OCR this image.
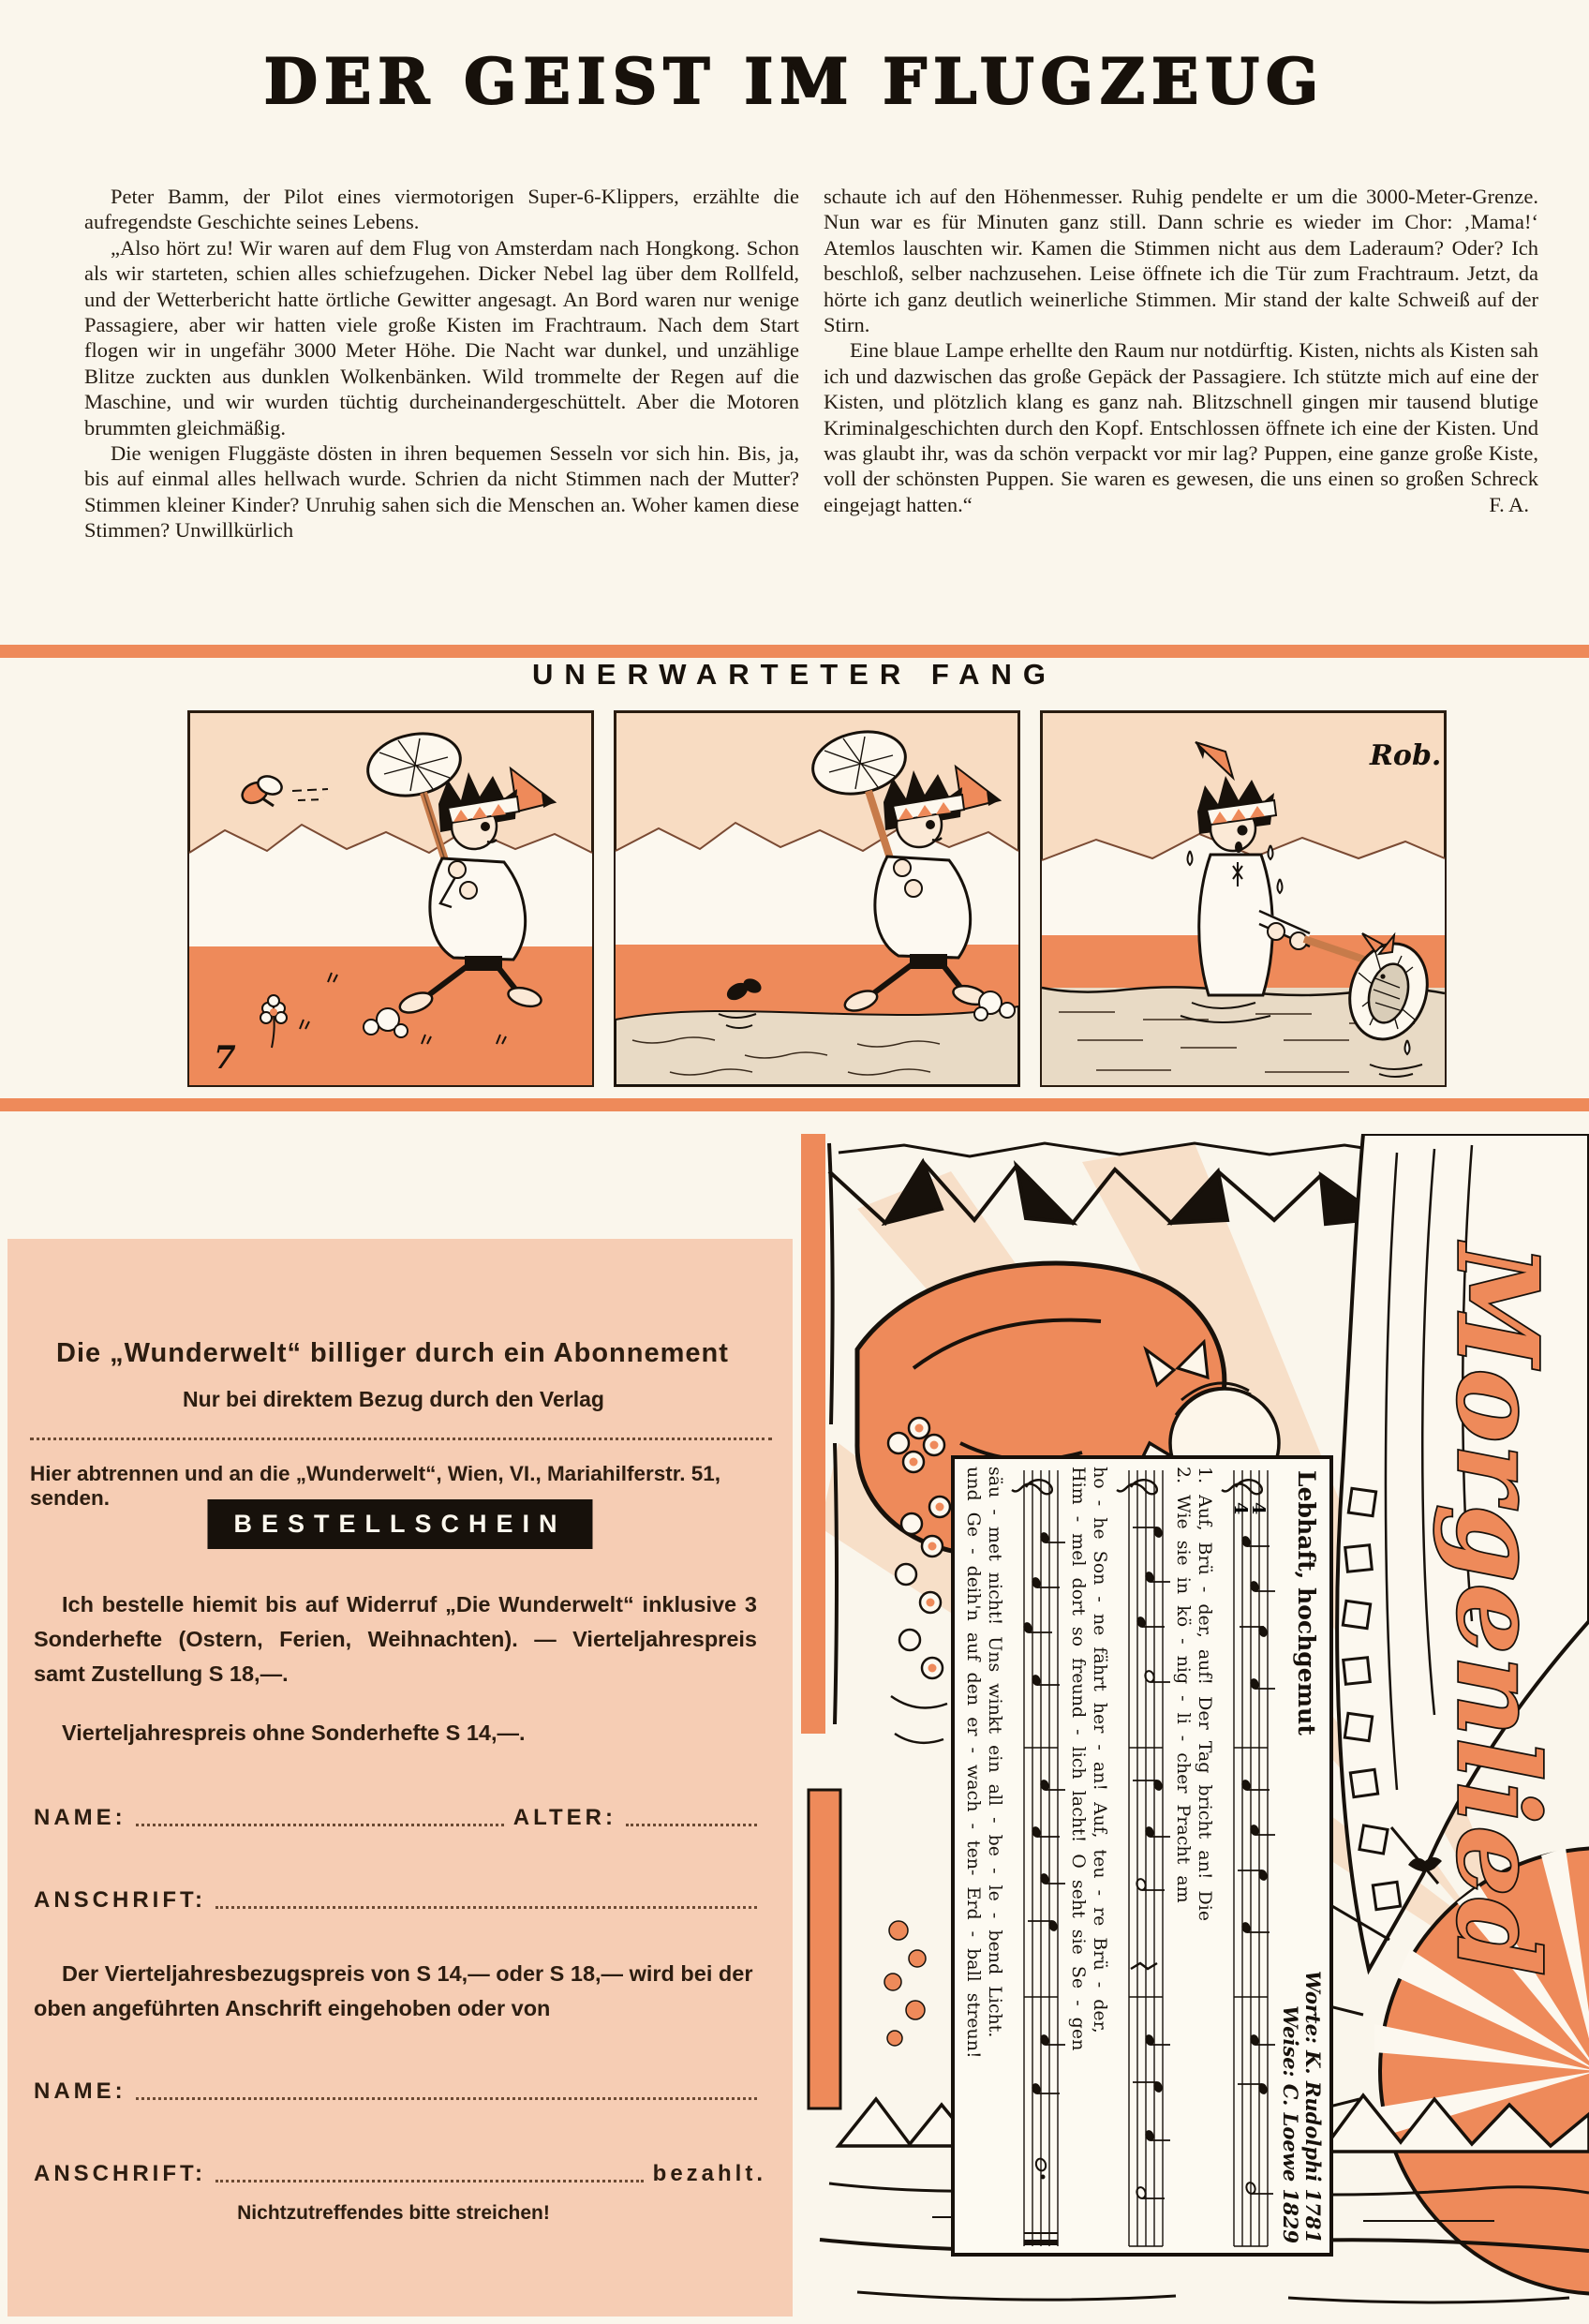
DER GEIST IM FLUGZEUG

Peter Bamm, der Pilot eines viermotorigen Super-6-Klippers, erzählte die aufregendste Geschichte seines Lebens.

„Also hört zu! Wir waren auf dem Flug von Amsterdam nach Hongkong. Schon als wir starteten, schien alles schiefzugehen. Dicker Nebel lag über dem Rollfeld, und der Wetterbericht hatte örtliche Gewitter angesagt. An Bord waren nur wenige Passagiere, aber wir hatten viele große Kisten im Frachtraum. Nach dem Start flogen wir in ungefähr 3000 Meter Höhe. Die Nacht war dunkel, und unzählige Blitze zuckten aus dunklen Wolkenbänken. Wild trommelte der Regen auf die Maschine, und wir wurden tüchtig durcheinandergeschüttelt. Aber die Motoren brummten gleichmäßig.

Die wenigen Fluggäste dösten in ihren bequemen Sesseln vor sich hin. Bis, ja, bis auf einmal alles hellwach wurde. Schrien da nicht Stimmen nach der Mutter? Stimmen kleiner Kinder? Unruhig sahen sich die Menschen an. Woher kamen diese Stimmen? Unwillkürlich

schaute ich auf den Höhenmesser. Ruhig pendelte er um die 3000-Meter-Grenze. Nun war es für Minuten ganz still. Dann schrie es wieder im Chor: ‚Mama!‘ Atemlos lauschten wir. Kamen die Stimmen nicht aus dem Laderaum? Oder? Ich beschloß, selber nachzusehen. Leise öffnete ich die Tür zum Frachtraum. Jetzt, da hörte ich ganz deutlich weinerliche Stimmen. Mir stand der kalte Schweiß auf der Stirn.

Eine blaue Lampe erhellte den Raum nur notdürftig. Kisten, nichts als Kisten sah ich und dazwischen das große Gepäck der Passagiere. Ich stützte mich auf eine der Kisten, und plötzlich klang es ganz nah. Blitzschnell gingen mir tausend blutige Kriminalgeschichten durch den Kopf. Entschlossen öffnete ich eine der Kisten. Und was glaubt ihr, was da schön verpackt vor mir lag? Puppen, eine ganze große Kiste, voll der schönsten Puppen. Sie waren es gewesen, die uns einen so großen Schreck eingejagt hatten.“	F. A.
UNERWARTETER FANG
7
Rob.
Die „Wunderwelt“ billiger durch ein Abonnement
Nur bei direktem Bezug durch den Verlag
Hier abtrennen und an die „Wunderwelt“, Wien, VI., Mariahilferstr. 51, senden.
BESTELLSCHEIN
Ich bestelle hiemit bis auf Widerruf „Die Wunderwelt“ inklusive 3 Sonderhefte (Ostern, Ferien, Weihnachten). — Vierteljahrespreis samt Zustellung S 18,—.
Vierteljahrespreis ohne Sonderhefte S 14,—.
NAME:	ALTER:
ANSCHRIFT:
Der Vierteljahresbezugspreis von S 14,— oder S 18,— wird bei der oben angeführten Anschrift eingehoben oder von
NAME:
ANSCHRIFT:	bezahlt.
Nichtzutreffendes bitte streichen!
Morgenlied
Lebhaft, hochgemut
Worte: K. Rudolphi 1781
Weise: C. Loewe 1829
4
4
1. Auf, Brü - der, auf! Der Tag bricht an! Die
2. Wie sie in kö - nig - li - cher Pracht am
ho - he Son - ne fährt her - an! Auf, teu - re Brü - der,
Him - mel dort so freund - lich lacht! O seht sie Se - gen
säu - met nicht! Uns winkt ein all - be - le - bend Licht.
und Ge - deih'n auf den er - wach - ten- Erd - ball streun!
